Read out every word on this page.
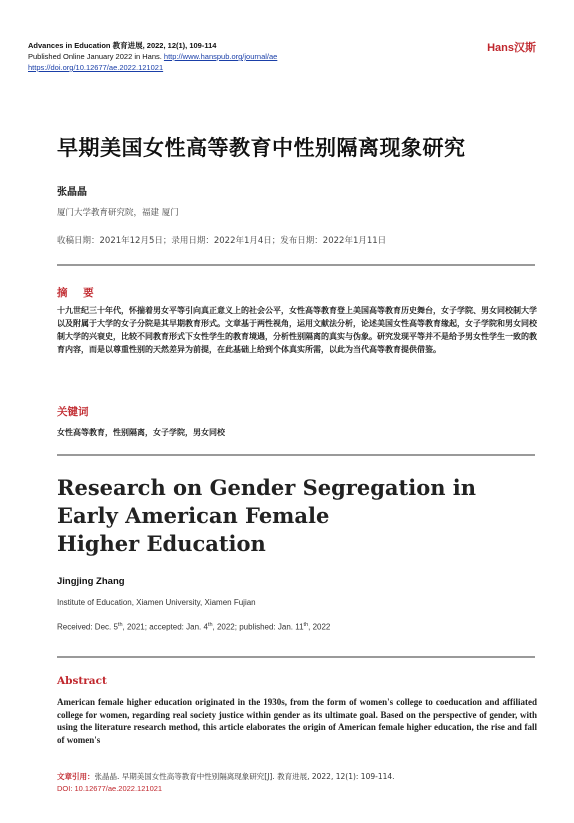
Advances in Education 教育进展, 2022, 12(1), 109-114
Published Online January 2022 in Hans. http://www.hanspub.org/journal/ae
https://doi.org/10.12677/ae.2022.121021
Hans汉斯
早期美国女性高等教育中性别隔离现象研究
张晶晶
厦门大学教育研究院，福建 厦门
收稿日期：2021年12月5日；录用日期：2022年1月4日；发布日期：2022年1月11日
摘 要
十九世纪三十年代，怀揣着男女平等引向真正意义上的社会公平，女性高等教育登上美国高等教育历史舞台，女子学院、男女同校制大学以及附属于大学的女子分院是其早期教育形式。文章基于两性视角，运用文献法分析，论述美国女性高等教育缘起，女子学院和男女同校制大学的兴衰史，比较不同教育形式下女性学生的教育境遇，分析性别隔离的真实与伪象。研究发现平等并不是给予男女性学生一致的教育内容，而是以尊重性别的天然差异为前提，在此基础上给到个体真实所需，以此为当代高等教育提供借鉴。
关键词
女性高等教育，性别隔离，女子学院，男女同校
Research on Gender Segregation in
Early American Female
Higher Education
Jingjing Zhang
Institute of Education, Xiamen University, Xiamen Fujian
Received: Dec. 5th, 2021; accepted: Jan. 4th, 2022; published: Jan. 11th, 2022
Abstract
American female higher education originated in the 1930s, from the form of women's college to coeducation and affiliated college for women, regarding real society justice within gender as its ultimate goal. Based on the perspective of gender, with using the literature research method, this article elaborates the origin of American female higher education, the rise and fall of women's
文章引用：张晶晶. 早期美国女性高等教育中性别隔离现象研究[J]. 教育进展, 2022, 12(1): 109-114.
DOI: 10.12677/ae.2022.121021
